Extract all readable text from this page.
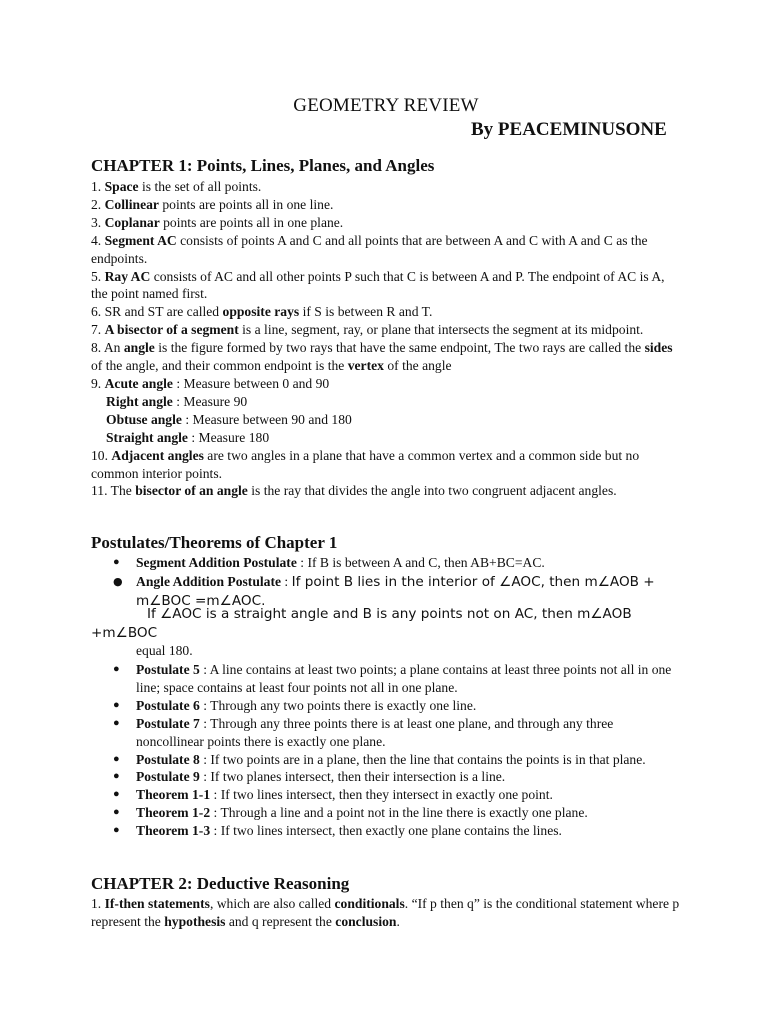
GEOMETRY REVIEW
By PEACEMINUSONE
CHAPTER 1: Points, Lines, Planes, and Angles

1. Space is the set of all points.

2. Collinear points are points all in one line.

3. Coplanar points are points all in one plane.

4. Segment AC consists of points A and C and all points that are between A and C with A and C as the endpoints.

5. Ray AC consists of AC and all other points P such that C is between A and P. The endpoint of AC is A, the point named first.

6. SR and ST are called opposite rays if S is between R and T.

7. A bisector of a segment is a line, segment, ray, or plane that intersects the segment at its midpoint.

8. An angle is the figure formed by two rays that have the same endpoint, The two rays are called the sides of the angle, and their common endpoint is the vertex of the angle

9. Acute angle : Measure between 0 and 90

Right angle : Measure 90

Obtuse angle : Measure between 90 and 180

Straight angle : Measure 180

10. Adjacent angles are two angles in a plane that have a common vertex and a common side but no common interior points.

11. The bisector of an angle is the ray that divides the angle into two congruent adjacent angles.

Postulates/Theorems of Chapter 1
● Segment Addition Postulate : If B is between A and C, then AB+BC=AC.
● Angle Addition Postulate : If point B lies in the interior of ∠AOC, then m∠AOB + m∠BOC =m∠AOC.
If ∠AOC is a straight angle and B is any points not on AC, then m∠AOB +m∠BOC
equal 180.
● Postulate 5 : A line contains at least two points; a plane contains at least three points not all in one line; space contains at least four points not all in one plane.
● Postulate 6 : Through any two points there is exactly one line.
● Postulate 7 : Through any three points there is at least one plane, and through any three noncollinear points there is exactly one plane.
● Postulate 8 : If two points are in a plane, then the line that contains the points is in that plane.
● Postulate 9 : If two planes intersect, then their intersection is a line.
● Theorem 1-1 : If two lines intersect, then they intersect in exactly one point.
● Theorem 1-2 : Through a line and a point not in the line there is exactly one plane.
● Theorem 1-3 : If two lines intersect, then exactly one plane contains the lines.
CHAPTER 2: Deductive Reasoning

1. If-then statements, which are also called conditionals. “If p then q” is the conditional statement where p represent the hypothesis and q represent the conclusion.
